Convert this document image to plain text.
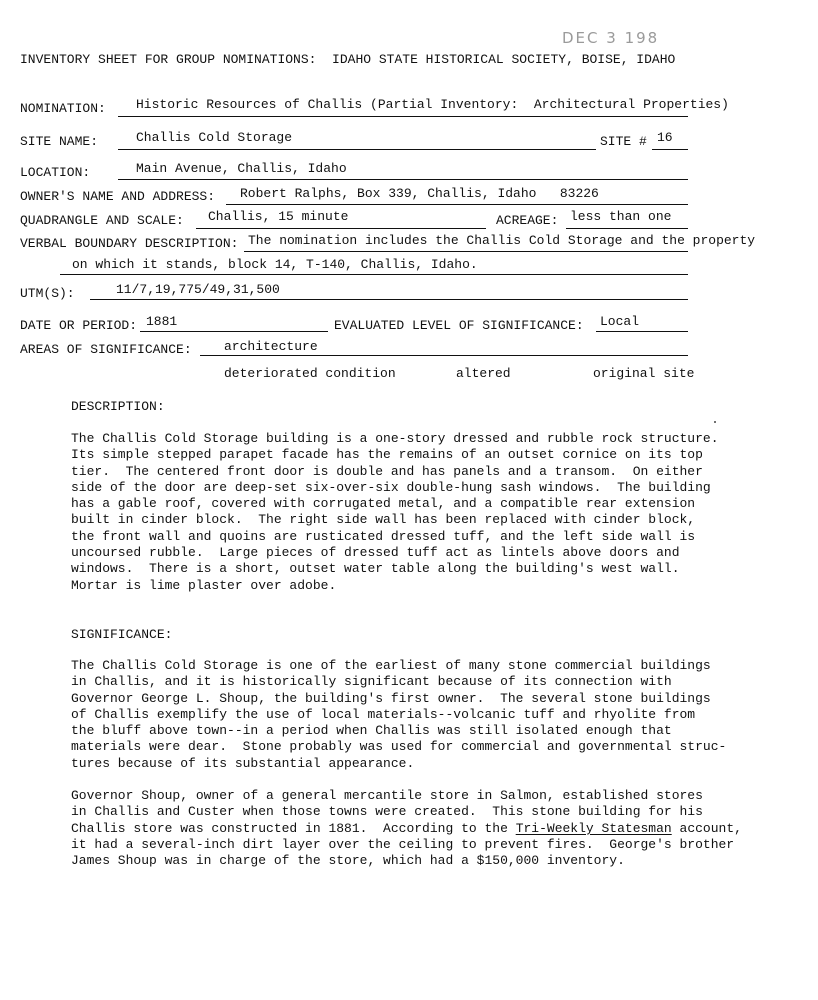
DEC 3 198
INVENTORY SHEET FOR GROUP NOMINATIONS:  IDAHO STATE HISTORICAL SOCIETY, BOISE, IDAHO
NOMINATION: Historic Resources of Challis (Partial Inventory:  Architectural Properties)
SITE NAME:	Challis Cold Storage	SITE # 16
LOCATION:	Main Avenue, Challis, Idaho
OWNER'S NAME AND ADDRESS: Robert Ralphs, Box 339, Challis, Idaho   83226
QUADRANGLE AND SCALE: Challis, 15 minute	ACREAGE: less than one
VERBAL BOUNDARY DESCRIPTION: The nomination includes the Challis Cold Storage and the property
on which it stands, block 14, T-140, Challis, Idaho.
UTM(S):	11/7,19,775/49,31,500
DATE OR PERIOD: 1881	EVALUATED LEVEL OF SIGNIFICANCE: Local
AREAS OF SIGNIFICANCE: architecture
deteriorated condition	altered	original site
DESCRIPTION:
The Challis Cold Storage building is a one-story dressed and rubble rock structure.
Its simple stepped parapet facade has the remains of an outset cornice on its top
tier.  The centered front door is double and has panels and a transom.  On either
side of the door are deep-set six-over-six double-hung sash windows.  The building
has a gable roof, covered with corrugated metal, and a compatible rear extension
built in cinder block.  The right side wall has been replaced with cinder block,
the front wall and quoins are rusticated dressed tuff, and the left side wall is
uncoursed rubble.  Large pieces of dressed tuff act as lintels above doors and
windows.  There is a short, outset water table along the building's west wall.
Mortar is lime plaster over adobe.
SIGNIFICANCE:
The Challis Cold Storage is one of the earliest of many stone commercial buildings
in Challis, and it is historically significant because of its connection with
Governor George L. Shoup, the building's first owner.  The several stone buildings
of Challis exemplify the use of local materials--volcanic tuff and rhyolite from
the bluff above town--in a period when Challis was still isolated enough that
materials were dear.  Stone probably was used for commercial and governmental struc-
tures because of its substantial appearance.
Governor Shoup, owner of a general mercantile store in Salmon, established stores
in Challis and Custer when those towns were created.  This stone building for his
Challis store was constructed in 1881.  According to the Tri-Weekly Statesman account,
it had a several-inch dirt layer over the ceiling to prevent fires.  George's brother
James Shoup was in charge of the store, which had a $150,000 inventory.
